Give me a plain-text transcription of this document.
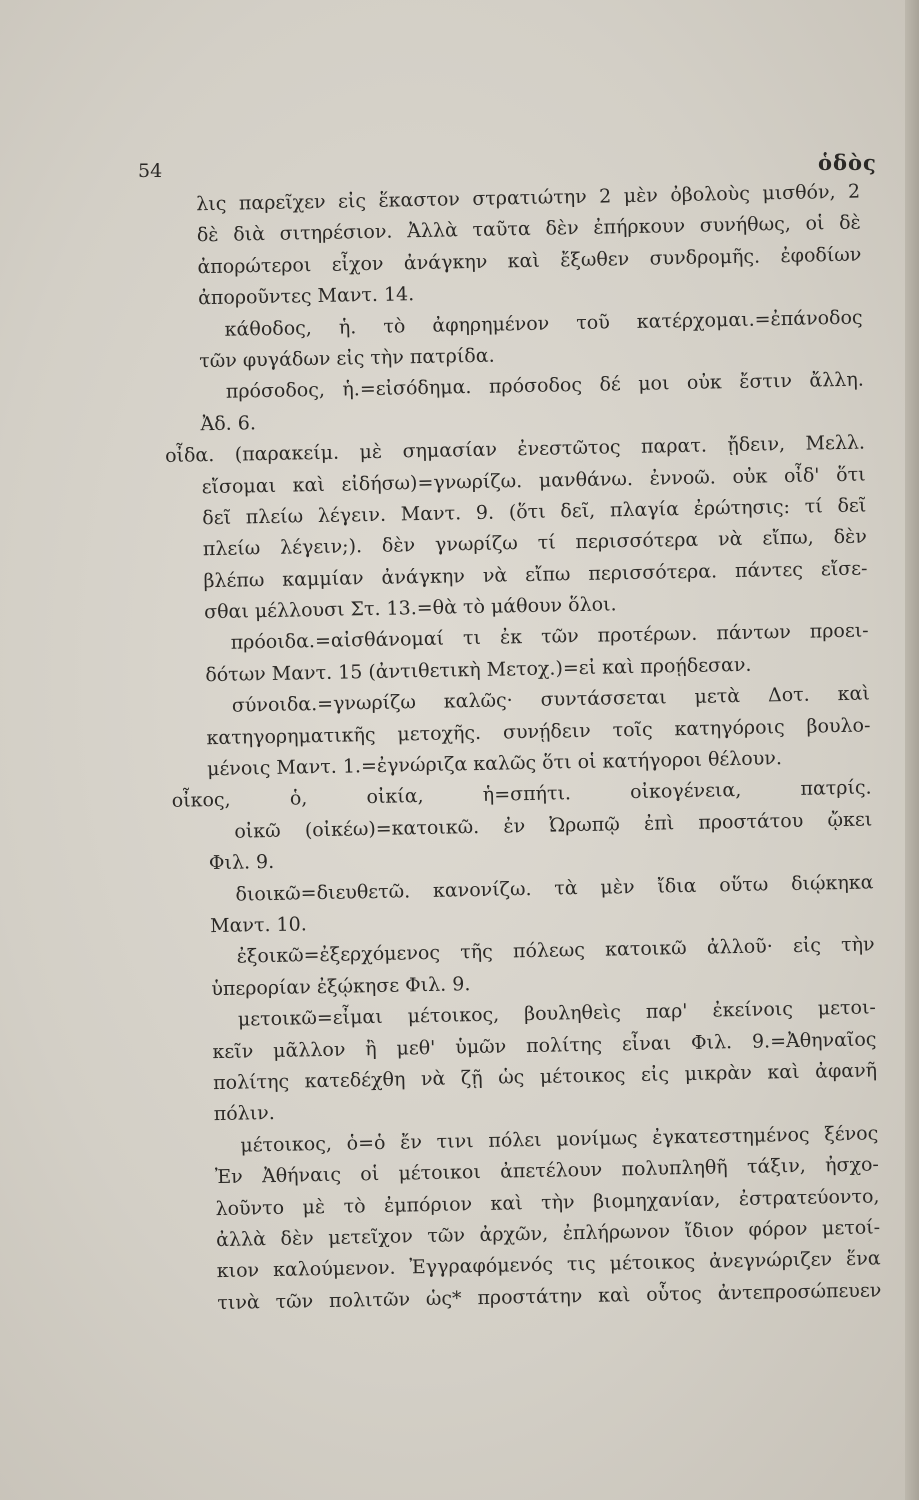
54	ὁδὸς
λις παρεῖχεν εἰς ἕκαστον στρατιώτην 2 μὲν ὀβολοὺς μισθόν, 2
δὲ διὰ σιτηρέσιον. Ἀλλὰ ταῦτα δὲν ἐπήρκουν συνήθως, οἱ δὲ
ἀπορώτεροι εἶχον ἀνάγκην καὶ ἔξωθεν συνδρομῆς. ἐφοδίων
ἀποροῦντες Μαντ. 14.
κάθοδος, ἡ. τὸ ἀφηρημένον τοῦ κατέρχομαι.=ἐπάνοδος
τῶν φυγάδων εἰς τὴν πατρίδα.
πρόσοδος, ἡ.=εἰσόδημα. πρόσοδος δέ μοι οὐκ ἔστιν ἄλλη.
Ἀδ. 6.
οἶδα. (παρακείμ. μὲ σημασίαν ἐνεστῶτος παρατ. ᾔδειν, Μελλ.
εἴσομαι καὶ εἰδήσω)=γνωρίζω. μανθάνω. ἐννοῶ. οὐκ οἶδ' ὅτι
δεῖ πλείω λέγειν. Μαντ. 9. (ὅτι δεῖ, πλαγία ἐρώτησις: τί δεῖ
πλείω λέγειν;). δὲν γνωρίζω τί περισσότερα νὰ εἴπω, δὲν
βλέπω καμμίαν ἀνάγκην νὰ εἴπω περισσότερα. πάντες εἴσε-
σθαι μέλλουσι Στ. 13.=θὰ τὸ μάθουν ὅλοι.
πρόοιδα.=αἰσθάνομαί τι ἐκ τῶν προτέρων. πάντων προει-
δότων Μαντ. 15 (ἀντιθετικὴ Μετοχ.)=εἰ καὶ προῄδεσαν.
σύνοιδα.=γνωρίζω καλῶς· συντάσσεται μετὰ Δοτ. καὶ
κατηγορηματικῆς μετοχῆς. συνῄδειν τοῖς κατηγόροις βουλο-
μένοις Μαντ. 1.=ἐγνώριζα καλῶς ὅτι οἱ κατήγοροι θέλουν.
οἶκος, ὁ, οἰκία, ἡ=σπήτι. οἰκογένεια, πατρίς.
οἰκῶ (οἰκέω)=κατοικῶ. ἐν Ὠρωπῷ ἐπὶ προστάτου ᾤκει
Φιλ. 9.
διοικῶ=διευθετῶ. κανονίζω. τὰ μὲν ἴδια οὕτω διῴκηκα
Μαντ. 10.
ἐξοικῶ=ἐξερχόμενος τῆς πόλεως κατοικῶ ἀλλοῦ· εἰς τὴν
ὑπερορίαν ἐξῴκησε Φιλ. 9.
μετοικῶ=εἶμαι μέτοικος, βουληθεὶς παρ' ἐκείνοις μετοι-
κεῖν μᾶλλον ἢ μεθ' ὑμῶν πολίτης εἶναι Φιλ. 9.=Ἀθηναῖος
πολίτης κατεδέχθη νὰ ζῇ ὡς μέτοικος εἰς μικρὰν καὶ ἀφανῆ
πόλιν.
μέτοικος, ὁ=ὁ ἔν τινι πόλει μονίμως ἐγκατεστημένος ξένος
Ἐν Ἀθήναις οἱ μέτοικοι ἀπετέλουν πολυπληθῆ τάξιν, ἠσχο-
λοῦντο μὲ τὸ ἐμπόριον καὶ τὴν βιομηχανίαν, ἐστρατεύοντο,
ἀλλὰ δὲν μετεῖχον τῶν ἀρχῶν, ἐπλήρωνον ἴδιον φόρον μετοί-
κιον καλούμενον. Ἐγγραφόμενός τις μέτοικος ἀνεγνώριζεν ἕνα
τινὰ τῶν πολιτῶν ὡς* προστάτην καὶ οὗτος ἀντεπροσώπευεν
